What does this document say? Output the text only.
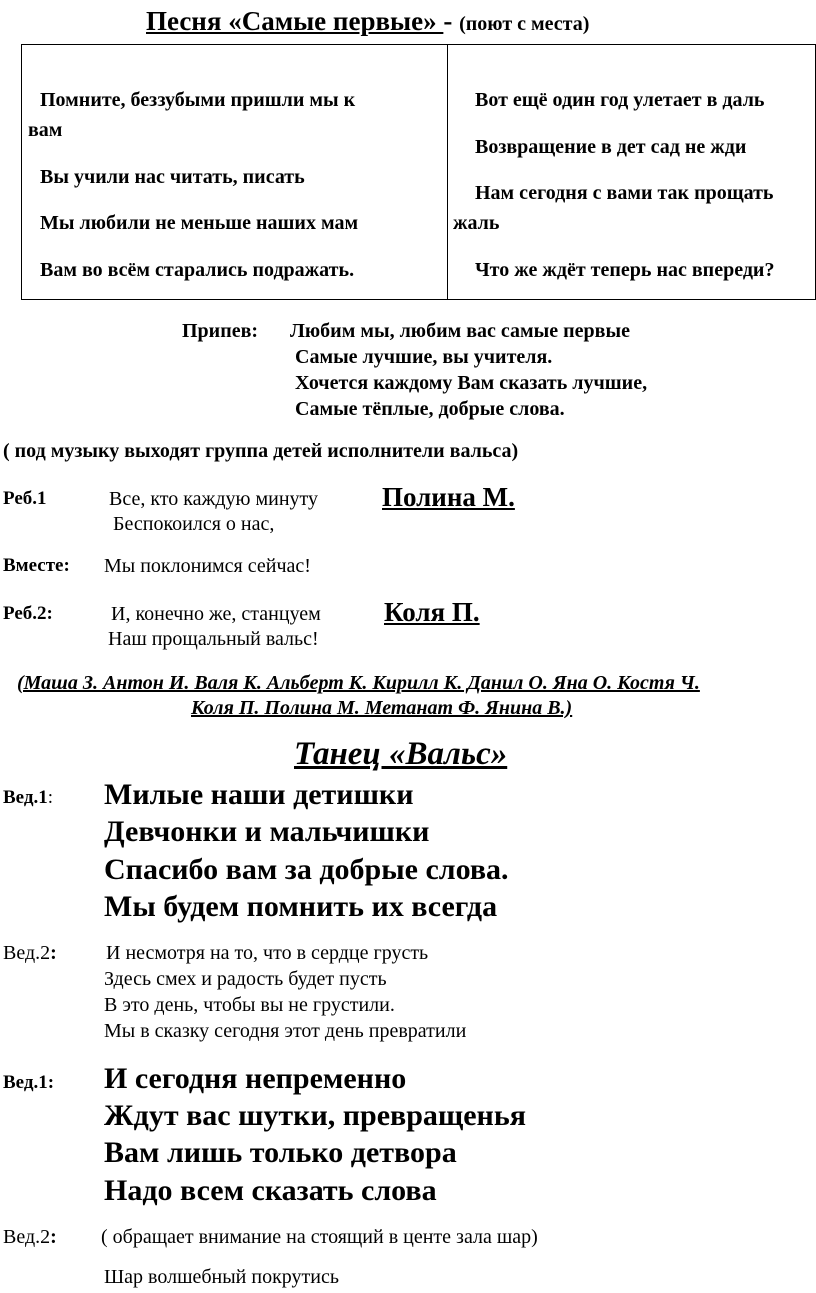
Песня «Самые первые» - (поют с места)
Помните, беззубыми пришли мы к
вам
Вы учили нас читать, писать
Мы любили не меньше наших мам
Вам во всём старались подражать.
Вот ещё один год улетает в даль
Возвращение в дет сад не жди
Нам сегодня с вами так прощать
жаль
Что же ждёт теперь нас впереди?
Припев: Любим мы, любим вас самые первые
Самые лучшие, вы учителя.
Хочется каждому Вам сказать лучшие,
Самые тёплые, добрые слова.
( под музыку выходят группа детей исполнители вальса)
Реб.1	Все, кто каждую минуту
Беспокоился о нас,
Полина М.
Вместе: Мы поклонимся сейчас!
Реб.2:	И, конечно же, станцуем
Наш прощальный вальс!
Коля П.
(Маша З. Антон И. Валя К. Альберт К. Кирилл К. Данил О. Яна О. Костя Ч.
Коля П. Полина М. Метанат Ф. Янина В.)
Танец «Вальс»
Вед.1: Милые наши детишки
Девчонки и мальчишки
Спасибо вам за добрые слова.
Мы будем помнить их всегда
Вед.2: И несмотря на то, что в сердце грусть
Здесь смех и радость будет пусть
В это день, чтобы вы не грустили.
Мы в сказку сегодня этот день превратили
Вед.1: И сегодня непременно
Ждут вас шутки, превращенья
Вам лишь только детвора
Надо всем сказать слова
Вед.2: ( обращает внимание на стоящий в центе зала шар)
Шар волшебный покрутись
